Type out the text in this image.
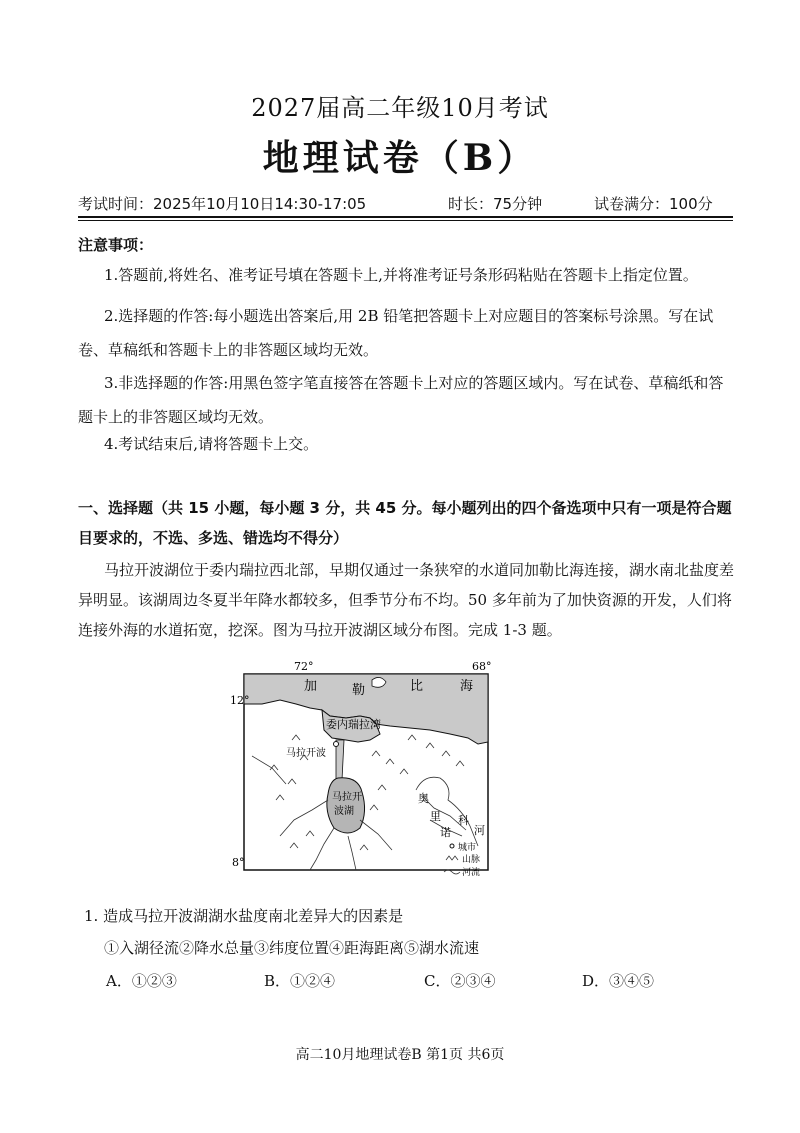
2027届高二年级10月考试
地理试卷（B）
考试时间：2025年10月10日14:30-17:05	时长：75分钟	试卷满分：100分
注意事项：
1.答题前,将姓名、准考证号填在答题卡上,并将准考证号条形码粘贴在答题卡上指定位置。
2.选择题的作答:每小题选出答案后,用 2B 铅笔把答题卡上对应题目的答案标号涂黑。写在试卷、草稿纸和答题卡上的非答题区域均无效。
3.非选择题的作答:用黑色签字笔直接答在答题卡上对应的答题区域内。写在试卷、草稿纸和答题卡上的非答题区域均无效。
4.考试结束后,请将答题卡上交。
一、选择题（共 15 小题，每小题 3 分，共 45 分。每小题列出的四个备选项中只有一项是符合题目要求的，不选、多选、错选均不得分）
马拉开波湖位于委内瑞拉西北部，早期仅通过一条狭窄的水道同加勒比海连接，湖水南北盐度差异明显。该湖周边冬夏半年降水都较多，但季节分布不均。50 多年前为了加快资源的开发，人们将连接外海的水道拓宽，挖深。图为马拉开波湖区域分布图。完成 1-3 题。
72°	68°
12°
8°
加	勒	比	海
委内瑞拉湾
马拉开波
马拉开
波湖
奥
里
诺
科
河
城市
山脉
河流
1. 造成马拉开波湖湖水盐度南北差异大的因素是
①入湖径流②降水总量③纬度位置④距海距离⑤湖水流速
A．①②③	B．①②④	C．②③④	D．③④⑤
高二10月地理试卷B 第1页 共6页
